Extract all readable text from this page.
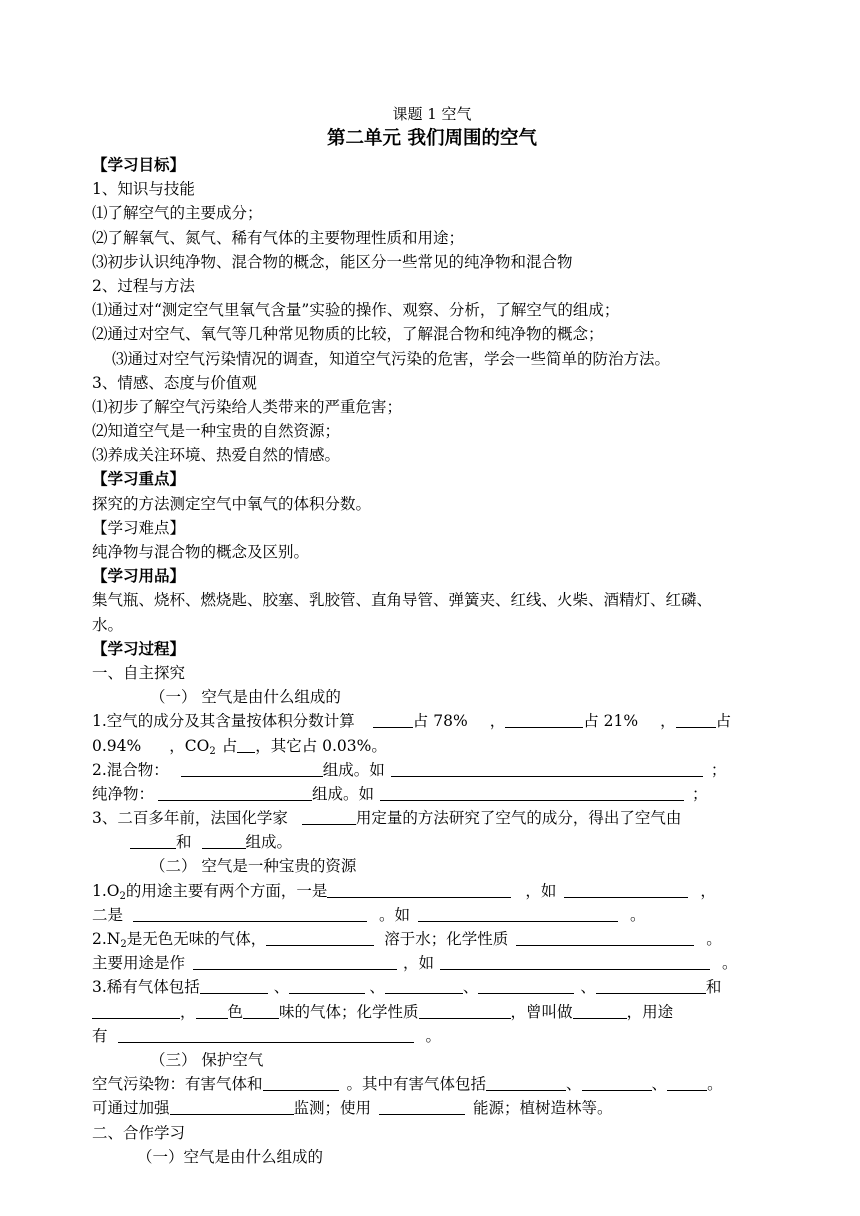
课题 1 空气
第二单元 我们周围的空气
【学习目标】
1、知识与技能
⑴了解空气的主要成分；
⑵了解氧气、氮气、稀有气体的主要物理性质和用途；
⑶初步认识纯净物、混合物的概念，能区分一些常见的纯净物和混合物
2、过程与方法
⑴通过对“测定空气里氧气含量”实验的操作、观察、分析，了解空气的组成；
⑵通过对空气、氧气等几种常见物质的比较，了解混合物和纯净物的概念；
⑶通过对空气污染情况的调查，知道空气污染的危害，学会一些简单的防治方法。
3、情感、态度与价值观
⑴初步了解空气污染给人类带来的严重危害；
⑵知道空气是一种宝贵的自然资源；
⑶养成关注环境、热爱自然的情感。
【学习重点】
探究的方法测定空气中氧气的体积分数。
【学习难点】
纯净物与混合物的概念及区别。
【学习用品】
集气瓶、烧杯、燃烧匙、胶塞、乳胶管、直角导管、弹簧夹、红线、火柴、酒精灯、红磷、
水。
【学习过程】
一、自主探究
（一） 空气是由什么组成的
1.空气的成分及其含量按体积分数计算	占 78% ，	占 21% ，	占
0.94% ，$CO_2$ 占 ，其它占 0.03%。
2.混合物：	组成。如	；
纯净物：	组成。如	；
3、二百多年前，法国化学家	用定量的方法研究了空气的成分，得出了空气由
和	组成。
（二） 空气是一种宝贵的资源
$1.O_2$的用途主要有两个方面，一是	，如	，
二是	。如	。
$2.N_2$是无色无味的气体，	溶于水；化学性质	。
主要用途是作	，如	。
3.稀有气体包括	、	、	、	、	和
， 色 味的气体；化学性质	，曾叫做	，用途
有	。
（三） 保护空气
空气污染物：有害气体和	。其中有害气体包括	、	、	。
可通过加强	监测；使用	能源；植树造林等。
二、合作学习
（一）空气是由什么组成的
